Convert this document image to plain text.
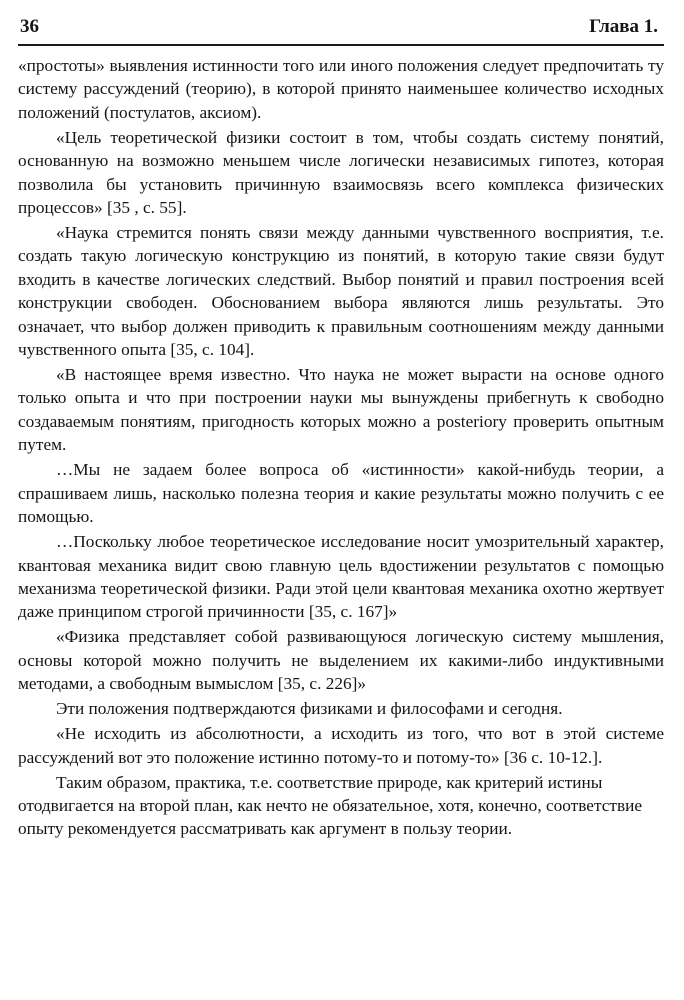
36	Глава 1.

«простоты» выявления истинности того или иного положения следует предпочитать ту систему рассуждений (теорию), в которой принято наименьшее количество исходных положений (постулатов, аксиом).

«Цель теоретической физики состоит в том, чтобы создать систему понятий, основанную на возможно меньшем числе логически независимых гипотез, которая позволила бы установить причинную взаимосвязь всего комплекса физических процессов» [35 , с. 55].

«Наука стремится понять связи между данными чувственного восприятия, т.е. создать такую логическую конструкцию из понятий, в которую такие связи будут входить в качестве логических следствий. Выбор понятий и правил построения всей конструкции свободен. Обоснованием выбора являются лишь результаты. Это означает, что выбор должен приводить к правильным соотношениям между данными чувственного опыта [35, с. 104].

«В настоящее время известно. Что наука не может вырасти на основе одного только опыта и что при построении науки мы вынуждены прибегнуть к свободно создаваемым понятиям, пригодность которых можно a posteriory проверить опытным путем.

…Мы не задаем более вопроса об «истинности» какой-нибудь теории, а спрашиваем лишь, насколько полезна теория и какие результаты можно получить с ее помощью.

…Поскольку любое теоретическое исследование носит умозрительный характер, квантовая механика видит свою главную цель вдостижении результатов с помощью механизма теоретической физики. Ради этой цели квантовая механика охотно жертвует даже принципом строгой причинности [35, с. 167]»

«Физика представляет собой развивающуюся логическую систему мышления, основы которой можно получить не выделением их какими-либо индуктивными методами, а свободным вымыслом [35, с. 226]»

Эти положения подтверждаются физиками и философами и сегодня.

«Не исходить из абсолютности, а исходить из того, что вот в этой системе рассуждений вот это положение истинно потому-то и потому-то» [36 с. 10-12.].

Таким образом, практика, т.е. соответствие природе, как критерий истины отодвигается на второй план, как нечто не обязательное, хотя, конечно, соответствие опыту рекомендуется рассматривать как аргумент в пользу теории.
